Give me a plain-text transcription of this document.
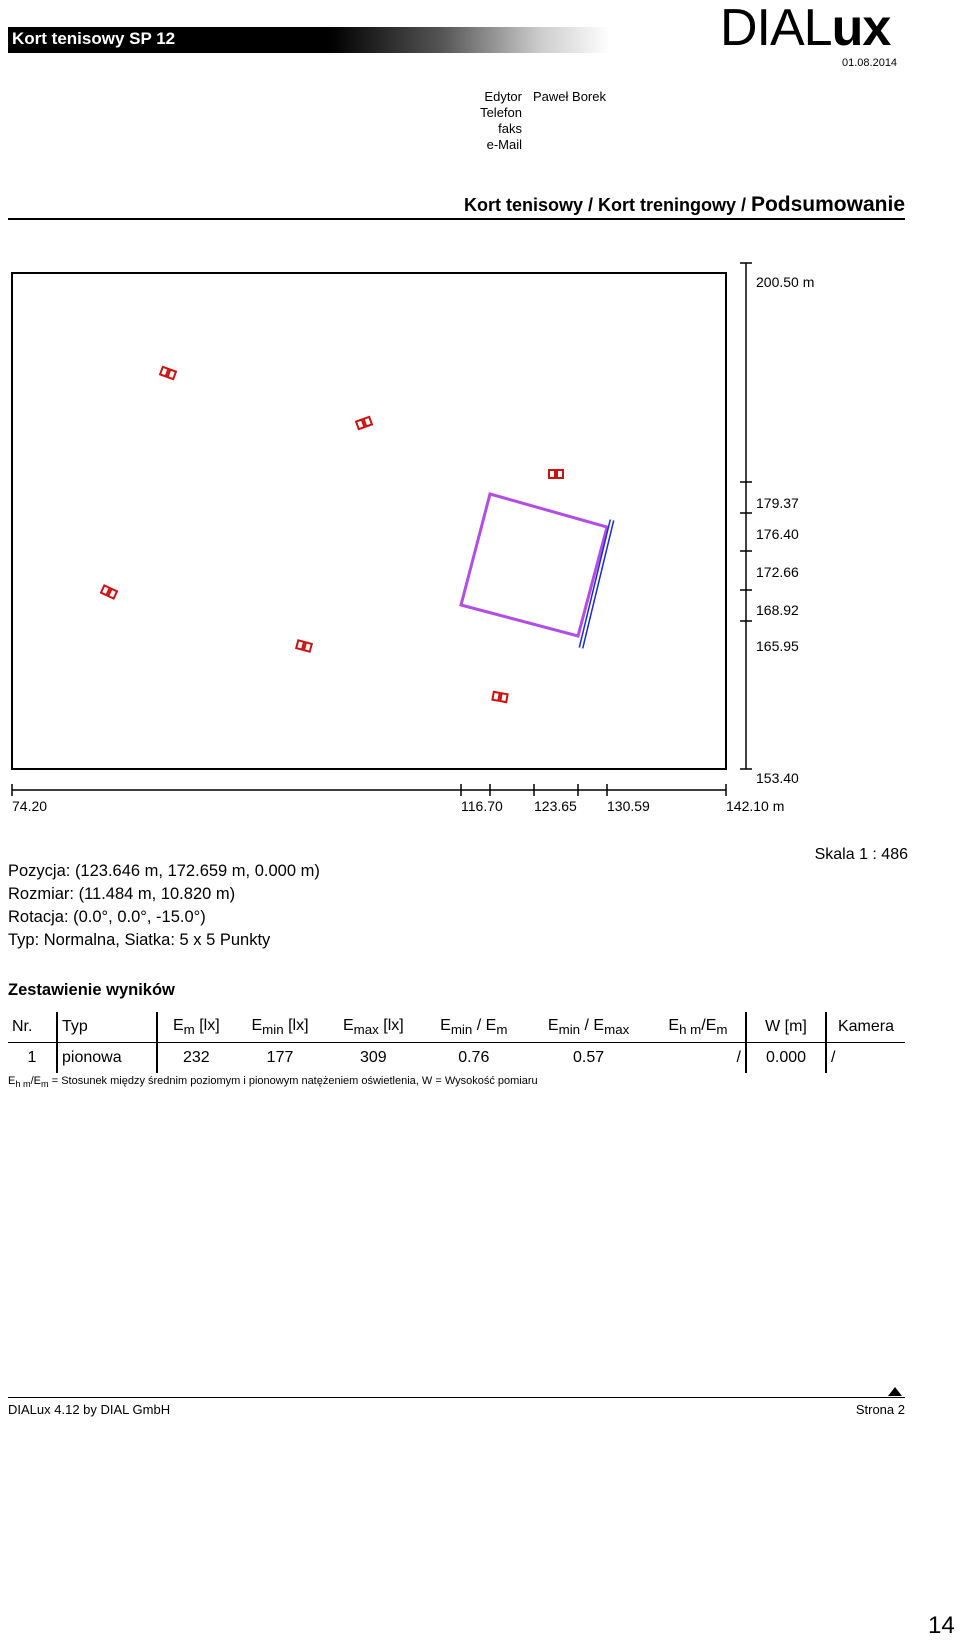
Kort tenisowy SP 12	DIALux
01.08.2014
Edytor Paweł Borek
Telefon
faks
e-Mail
Kort tenisowy / Kort treningowy / Podsumowanie
200.50 m
179.37
176.40
172.66
168.92
165.95
153.40
74.20	116.70 123.65 130.59	142.10 m
Skala 1 : 486
Pozycja: (123.646 m, 172.659 m, 0.000 m)
Rozmiar: (11.484 m, 10.820 m)
Rotacja: (0.0°, 0.0°, -15.0°)
Typ: Normalna, Siatka: 5 x 5 Punkty
Zestawienie wyników
Nr.	Typ	$E_m$ [lx]	$E_{min}$ [lx]	$E_{max}$ [lx]	$E_{min} / E_m$	$E_{min} / E_{max}$	$E_{h m}/E_m$	W [m]	Kamera
1	pionowa	232	177	309	0.76	0.57	/	0.000	/
$E_{h m}/E_m$ = Stosunek między średnim poziomym i pionowym natężeniem oświetlenia, W = Wysokość pomiaru
DIALux 4.12 by DIAL GmbH	Strona 2
14
